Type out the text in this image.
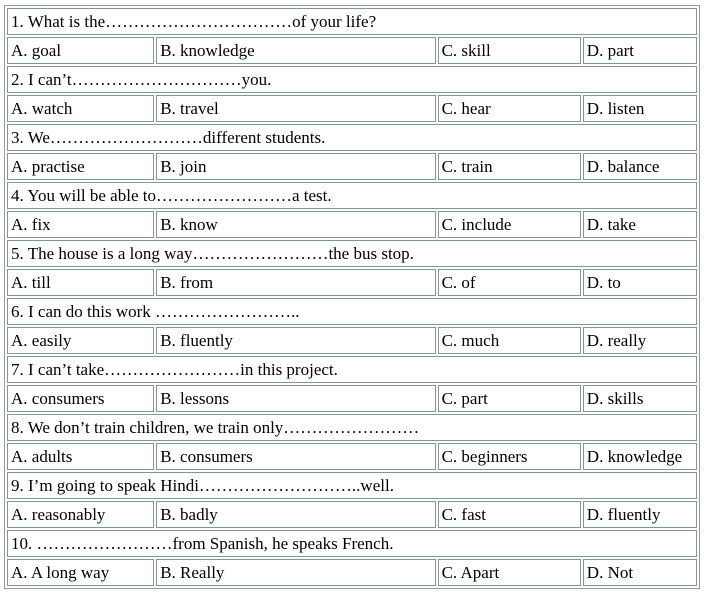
1. What is the……………………………of your life?			
A. goal	B. knowledge	C. skill	D. part
2. I can’t…………………………you.			
A. watch	B. travel	C. hear	D. listen
3. We………………………different students.			
A. practise	B. join	C. train	D. balance
4. You will be able to……………………a test.			
A. fix	B. know	C. include	D. take
5. The house is a long way……………………the bus stop.			
A. till	B. from	C. of	D. to
6. I can do this work ……………………..			
A. easily	B. fluently	C. much	D. really
7. I can’t take……………………in this project.			
A. consumers	B. lessons	C. part	D. skills
8. We don’t train children, we train only……………………			
A. adults	B. consumers	C. beginners	D. knowledge
9. I’m going to speak Hindi………………………..well.			
A. reasonably	B. badly	C. fast	D. fluently
10. ……………………from Spanish, he speaks French.			
A. A long way	B. Really	C. Apart	D. Not
